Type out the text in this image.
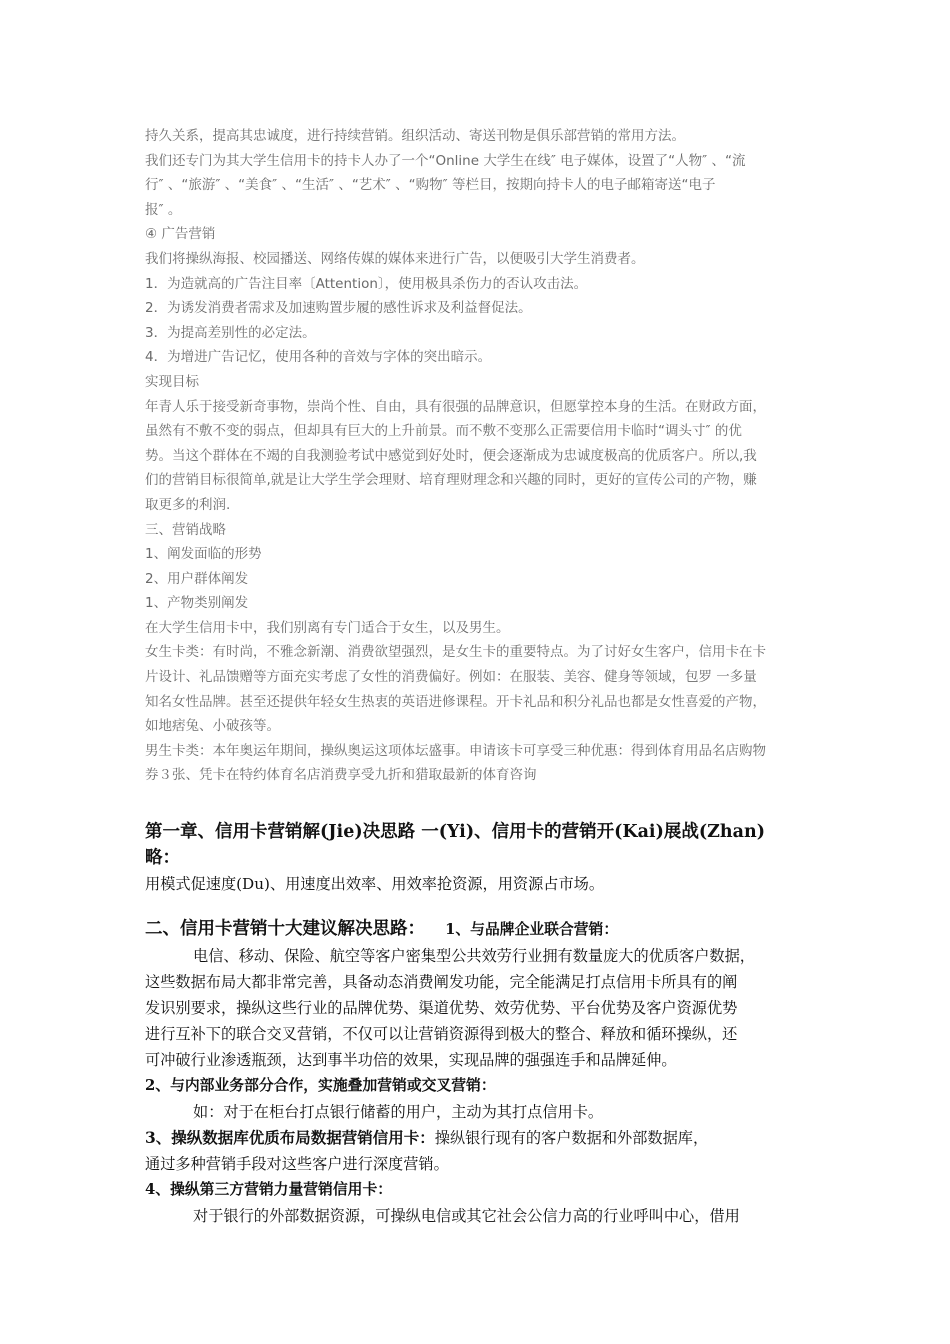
持久关系，提高其忠诚度，进行持续营销。组织活动、寄送刊物是俱乐部营销的常用方法。

我们还专门为其大学生信用卡的持卡人办了一个“Online 大学生在线″ 电子媒体，设置了“人物″ 、“流

行″ 、“旅游″ 、“美食″ 、“生活″ 、“艺术″ 、“购物″ 等栏目，按期向持卡人的电子邮箱寄送“电子

报″ 。

④ 广告营销

我们将操纵海报、校园播送、网络传媒的媒体来进行广告，以便吸引大学生消费者。

1．为造就高的广告注目率〔Attention〕，使用极具杀伤力的否认攻击法。

2．为诱发消费者需求及加速购置步履的感性诉求及利益督促法。

3．为提高差别性的必定法。

4．为增进广告记忆，使用各种的音效与字体的突出暗示。

实现目标

年青人乐于接受新奇事物，崇尚个性、自由，具有很强的品牌意识，但愿掌控本身的生活。在财政方面，

虽然有不敷不变的弱点，但却具有巨大的上升前景。而不敷不变那么正需要信用卡临时“调头寸″ 的优

势。当这个群体在不竭的自我测验考试中感觉到好处时，便会逐渐成为忠诚度极高的优质客户。所以,我

们的营销目标很简单,就是让大学生学会理财、培育理财理念和兴趣的同时，更好的宣传公司的产物，赚

取更多的利润.

三、营销战略

1、阐发面临的形势

2、用户群体阐发

1、产物类别阐发

在大学生信用卡中，我们别离有专门适合于女生，以及男生。

女生卡类：有时尚，不雅念新潮、消费欲望强烈，是女生卡的重要特点。为了讨好女生客户，信用卡在卡

片设计、礼品馈赠等方面充实考虑了女性的消费偏好。例如：在服装、美容、健身等领域，包罗 一多量

知名女性品牌。甚至还提供年轻女生热衷的英语进修课程。开卡礼品和积分礼品也都是女性喜爱的产物，

如地痞兔、小破孩等。

男生卡类：本年奥运年期间，操纵奥运这项体坛盛事。申请该卡可享受三种优惠：得到体育用品名店购物

券３张、凭卡在特约体育名店消费享受九折和猎取最新的体育咨询

第一章、信用卡营销解(Jie)决思路 一(Yi)、信用卡的营销开(Kai)展战(Zhan)

略：

用模式促速度(Du)、用速度出效率、用效率抢资源，用资源占市场。

二、信用卡营销十大建议解决思路： 1、与品牌企业联合营销：

电信、移动、保险、航空等客户密集型公共效劳行业拥有数量庞大的优质客户数据，

这些数据布局大都非常完善，具备动态消费阐发功能，完全能满足打点信用卡所具有的阐

发识别要求，操纵这些行业的品牌优势、渠道优势、效劳优势、平台优势及客户资源优势

进行互补下的联合交叉营销，不仅可以让营销资源得到极大的整合、释放和循环操纵，还

可冲破行业渗透瓶颈，达到事半功倍的效果，实现品牌的强强连手和品牌延伸。

2、与内部业务部分合作，实施叠加营销或交叉营销：

如：对于在柜台打点银行储蓄的用户，主动为其打点信用卡。

3、操纵数据库优质布局数据营销信用卡：操纵银行现有的客户数据和外部数据库，

通过多种营销手段对这些客户进行深度营销。

4、操纵第三方营销力量营销信用卡：

对于银行的外部数据资源，可操纵电信或其它社会公信力高的行业呼叫中心，借用
